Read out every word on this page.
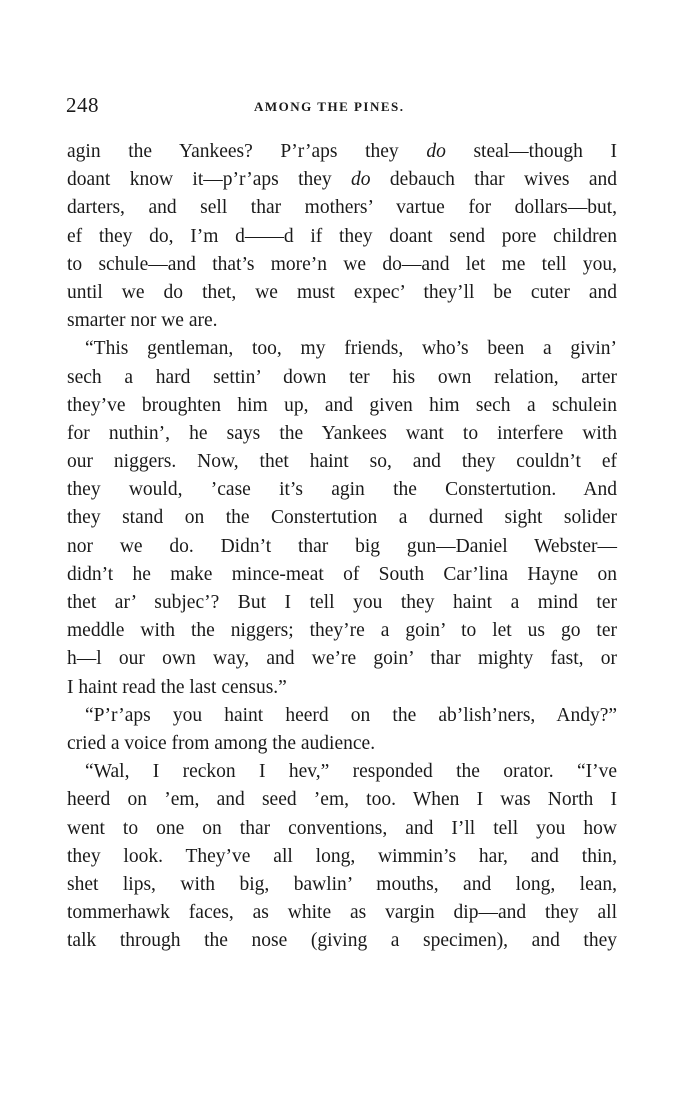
248	AMONG THE PINES.
agin the Yankees? P’r’aps they do steal—though I
doant know it—p’r’aps they do debauch thar wives and
darters, and sell thar mothers’ vartue for dollars—but,
ef they do, I’m d——d if they doant send pore children
to schule—and that’s more’n we do—and let me tell you,
until we do thet, we must expec’ they’ll be cuter and
smarter nor we are.
“This gentleman, too, my friends, who’s been a givin’
sech a hard settin’ down ter his own relation, arter
they’ve broughten him up, and given him sech a schulein
for nuthin’, he says the Yankees want to interfere with
our niggers. Now, thet haint so, and they couldn’t ef
they would, ’case it’s agin the Constertution. And
they stand on the Constertution a durned sight solider
nor we do. Didn’t thar big gun—Daniel Webster—
didn’t he make mince-meat of South Car’lina Hayne on
thet ar’ subjec’? But I tell you they haint a mind ter
meddle with the niggers; they’re a goin’ to let us go ter
h—l our own way, and we’re goin’ thar mighty fast, or
I haint read the last census.”
“P’r’aps you haint heerd on the ab’lish’ners, Andy?”
cried a voice from among the audience.
“Wal, I reckon I hev,” responded the orator. “I’ve
heerd on ’em, and seed ’em, too. When I was North I
went to one on thar conventions, and I’ll tell you how
they look. They’ve all long, wimmin’s har, and thin,
shet lips, with big, bawlin’ mouths, and long, lean,
tommerhawk faces, as white as vargin dip—and they all
talk through the nose (giving a specimen), and they
